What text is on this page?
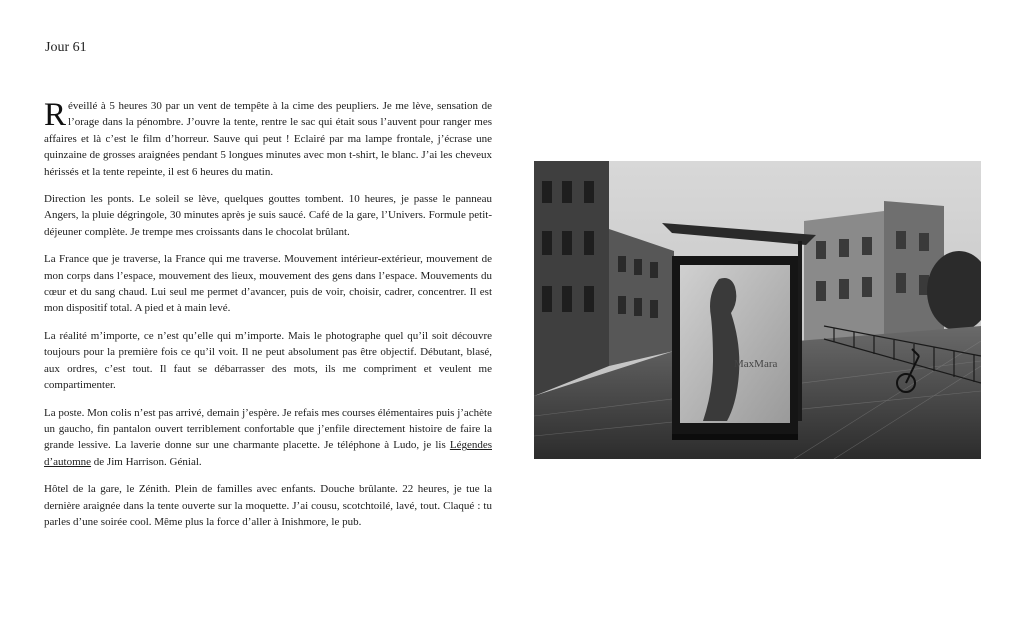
Jour 61

Réveillé à 5 heures 30 par un vent de tempête à la cime des peupliers. Je me lève, sensation de l’orage dans la pénombre. J’ouvre la tente, rentre le sac qui était sous l’auvent pour ranger mes affaires et là c’est le film d’horreur. Sauve qui peut ! Eclairé par ma lampe frontale, j’écrase une quinzaine de grosses araignées pendant 5 longues minutes avec mon t-shirt, le blanc. J’ai les cheveux hérissés et la tente repeinte, il est 6 heures du matin.

Direction les ponts. Le soleil se lève, quelques gouttes tombent. 10 heures, je passe le panneau Angers, la pluie dégringole, 30 minutes après je suis saucé. Café de la gare, l’Univers. Formule petit-déjeuner complète. Je trempe mes croissants dans le chocolat brûlant.

La France que je traverse, la France qui me traverse. Mouvement intérieur-extérieur, mouvement de mon corps dans l’espace, mouvement des lieux, mouvement des gens dans l’espace. Mouvements du cœur et du sang chaud. Lui seul me permet d’avancer, puis de voir, choisir, cadrer, concentrer. Il est mon dispositif total. A pied et à main levé.

La réalité m’importe, ce n’est qu’elle qui m’importe. Mais le photographe quel qu’il soit découvre toujours pour la première fois ce qu’il voit. Il ne peut absolument pas être objectif. Débutant, blasé, aux ordres, c’est tout. Il faut se débarrasser des mots, ils me compriment et veulent me compartimenter.

La poste. Mon colis n’est pas arrivé, demain j’espère. Je refais mes courses élémentaires puis j’achète un gaucho, fin pantalon ouvert terriblement confortable que j’enfile directement histoire de faire la grande lessive. La laverie donne sur une charmante placette. Je téléphone à Ludo, je lis Légendes d’automne de Jim Harrison. Génial.

Hôtel de la gare, le Zénith. Plein de familles avec enfants. Douche brûlante. 22 heures, je tue la dernière araignée dans la tente ouverte sur la moquette. J’ai cousu, scotchtoilé, lavé, tout. Claqué : tu parles d’une soirée cool. Même plus la force d’aller à Inishmore, le pub.

MaxMara
